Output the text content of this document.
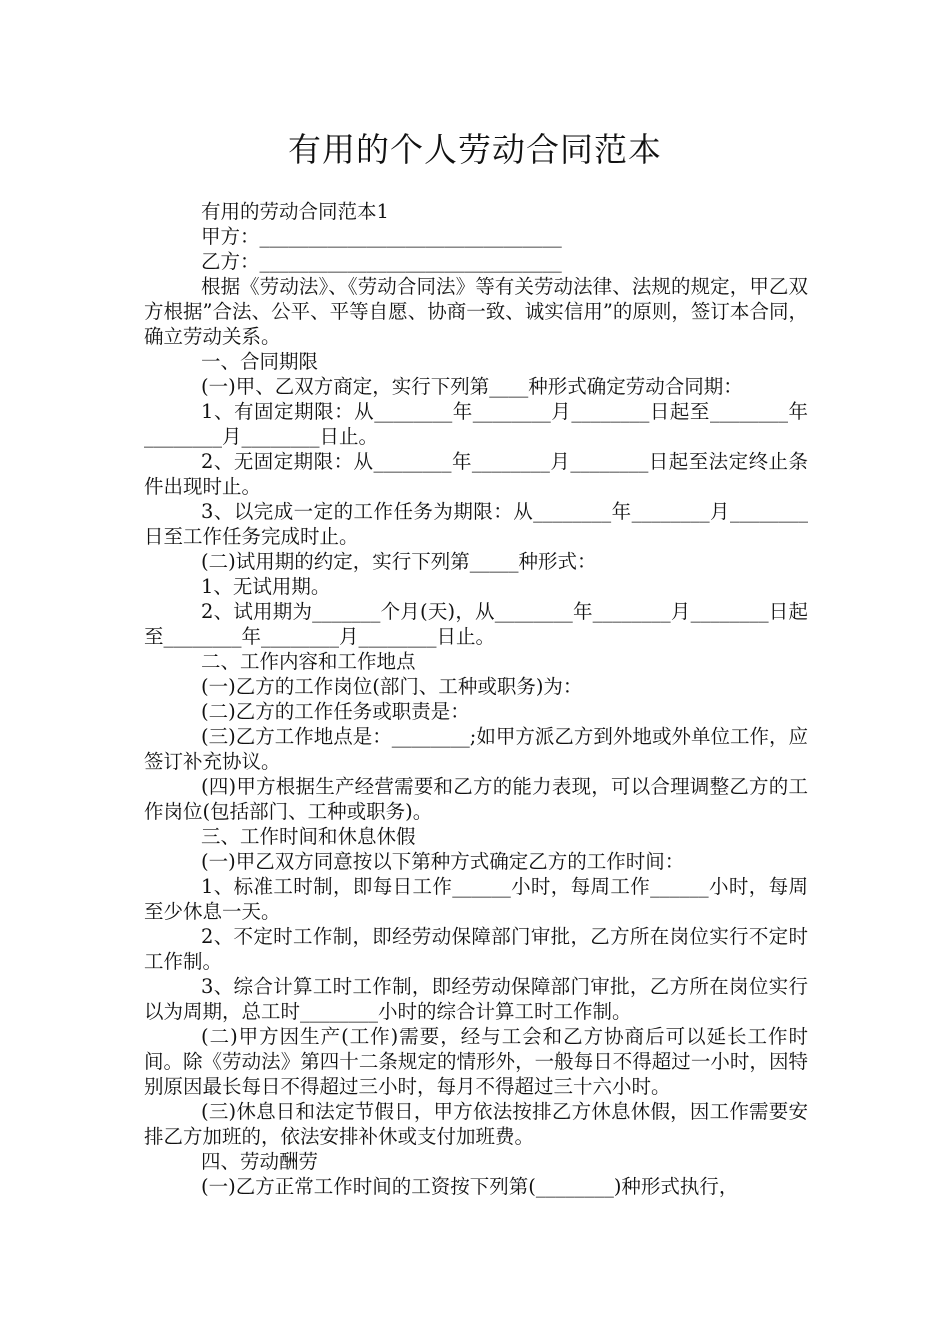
有用的个人劳动合同范本

有用的劳动合同范本1

甲方：_______________________________

乙方：_______________________________

根据《劳动法》、《劳动合同法》等有关劳动法律、法规的规定，甲乙双方根据”合法、公平、平等自愿、协商一致、诚实信用”的原则，签订本合同，确立劳动关系。

一、合同期限

(一)甲、乙双方商定，实行下列第____种形式确定劳动合同期：

1、有固定期限：从________年________月________日起至________年________月________日止。

2、无固定期限：从________年________月________日起至法定终止条件出现时止。

3、以完成一定的工作任务为期限：从________年________月________日至工作任务完成时止。

(二)试用期的约定，实行下列第_____种形式：

1、无试用期。

2、试用期为_______个月(天)，从________年________月________日起至________年________月________日止。

二、工作内容和工作地点

(一)乙方的工作岗位(部门、工种或职务)为：

(二)乙方的工作任务或职责是：

(三)乙方工作地点是：________;如甲方派乙方到外地或外单位工作，应签订补充协议。

(四)甲方根据生产经营需要和乙方的能力表现，可以合理调整乙方的工作岗位(包括部门、工种或职务)。

三、工作时间和休息休假

(一)甲乙双方同意按以下第种方式确定乙方的工作时间：

1、标准工时制，即每日工作______小时，每周工作______小时，每周至少休息一天。

2、不定时工作制，即经劳动保障部门审批，乙方所在岗位实行不定时工作制。

3、综合计算工时工作制，即经劳动保障部门审批，乙方所在岗位实行以为周期，总工时________小时的综合计算工时工作制。

(二)甲方因生产(工作)需要，经与工会和乙方协商后可以延长工作时间。除《劳动法》第四十二条规定的情形外，一般每日不得超过一小时，因特别原因最长每日不得超过三小时，每月不得超过三十六小时。

(三)休息日和法定节假日，甲方依法按排乙方休息休假，因工作需要安排乙方加班的，依法安排补休或支付加班费。

四、劳动酬劳

(一)乙方正常工作时间的工资按下列第(________)种形式执行，
